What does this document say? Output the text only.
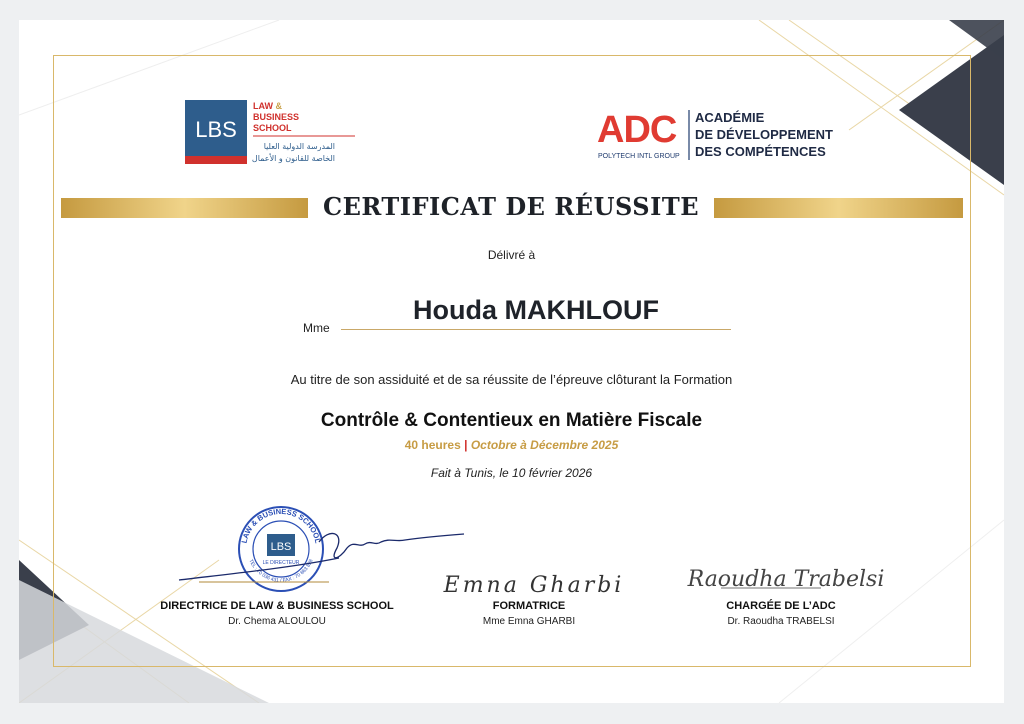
LBS
LAW &
BUSINESS
SCHOOL
المدرسة الدولية العليا
الخاصة للقانون و الأعمال
ADC
POLYTECH INTL GROUP
ACADÉMIE
DE DÉVELOPPEMENT
DES COMPÉTENCES
CERTIFICAT DE RÉUSSITE
Délivré à
Mme
Houda MAKHLOUF
Au titre de son assiduité et de sa réussite de l’épreuve clôturant la Formation
Contrôle & Contentieux en Matière Fiscale
40 heures | Octobre à Décembre 2025
Fait à Tunis, le 10 février 2026
LAW & BUSINESS SCHOOL
TEL : 70 036 431 / FAX : 70 863 828
LBS
LE DIRECTEUR
Emna Gharbi	Raoudha Trabelsi
DIRECTRICE DE LAW & BUSINESS SCHOOL
Dr. Chema ALOULOU
FORMATRICE
Mme Emna GHARBI
CHARGÉE DE L’ADC
Dr. Raoudha TRABELSI
